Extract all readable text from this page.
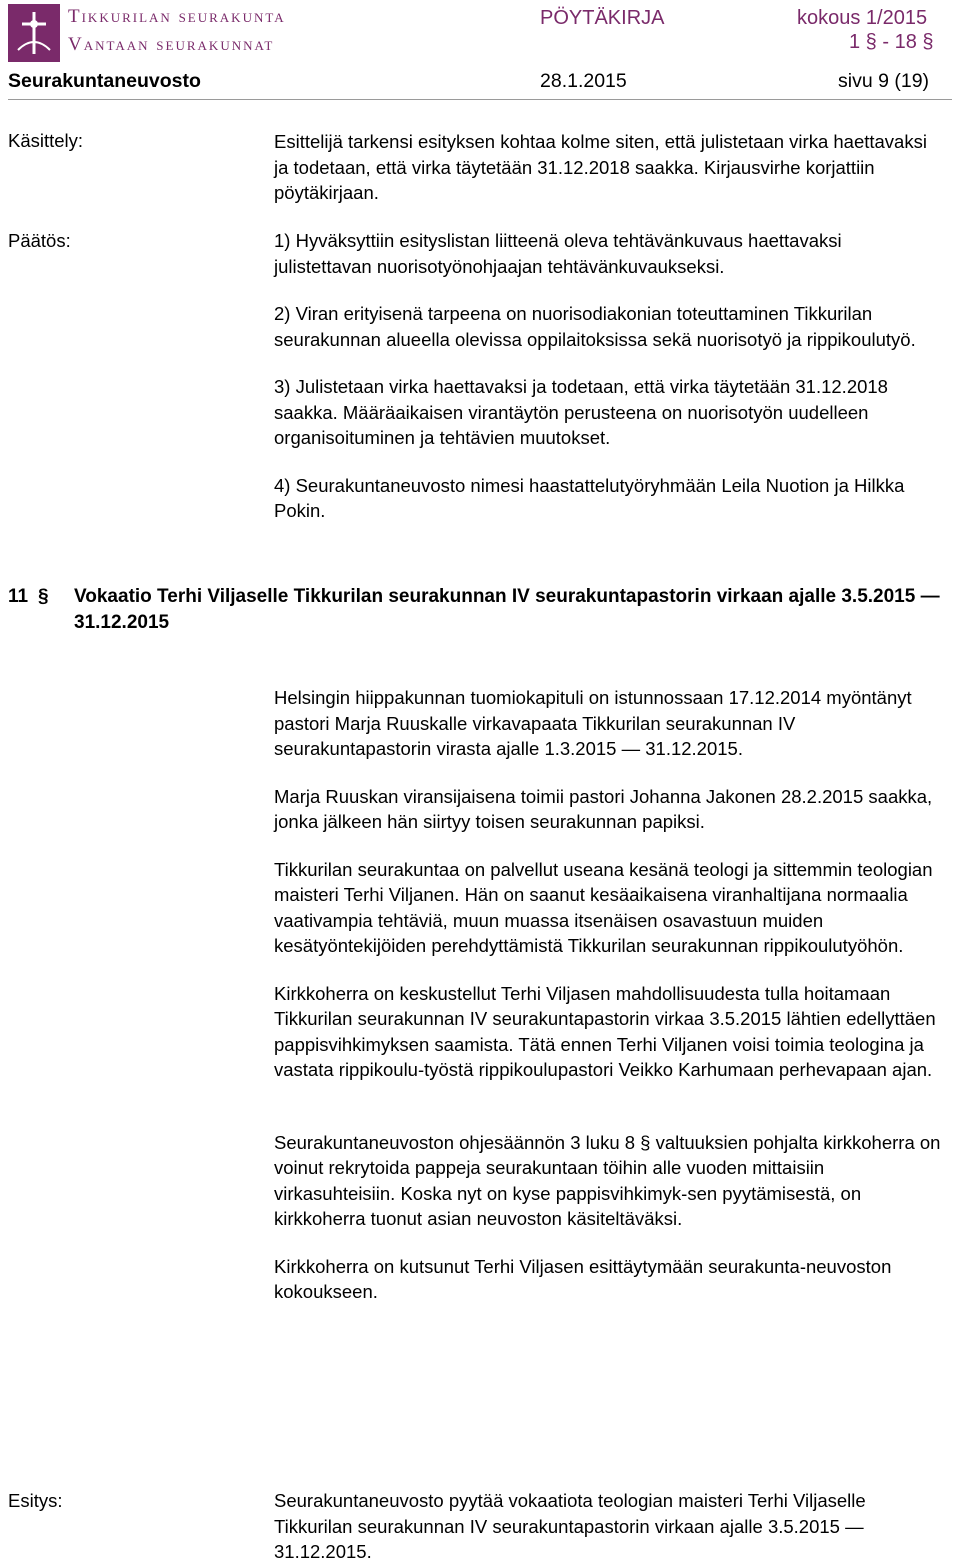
Tikkurilan seurakunta
Vantaan seurakunnat
PÖYTÄKIRJA	kokous 1/2015
1 § - 18 §
Seurakuntaneuvosto	28.1.2015	sivu 9 (19)
Käsittely:	Esittelijä tarkensi esityksen kohtaa kolme siten, että julistetaan virka haettavaksi ja todetaan, että virka täytetään 31.12.2018 saakka. Kirjausvirhe korjattiin pöytäkirjaan.

Päätös:	1) Hyväksyttiin esityslistan liitteenä oleva tehtävänkuvaus haettavaksi julistettavan nuorisotyönohjaajan tehtävänkuvaukseksi.

2) Viran erityisenä tarpeena on nuorisodiakonian toteuttaminen Tikkurilan seurakunnan alueella olevissa oppilaitoksissa sekä nuorisotyö ja rippikoulutyö.

3) Julistetaan virka haettavaksi ja todetaan, että virka täytetään 31.12.2018 saakka. Määräaikaisen virantäytön perusteena on nuorisotyön uudelleen organisoituminen ja tehtävien muutokset.

4) Seurakuntaneuvosto nimesi haastattelutyöryhmään Leila Nuotion ja Hilkka Pokin.

11 § Vokaatio Terhi Viljaselle Tikkurilan seurakunnan IV seurakuntapastorin virkaan ajalle 3.5.2015 — 31.12.2015

Helsingin hiippakunnan tuomiokapituli on istunnossaan 17.12.2014 myöntänyt pastori Marja Ruuskalle virkavapaata Tikkurilan seurakunnan IV seurakuntapastorin virasta ajalle 1.3.2015 — 31.12.2015.

Marja Ruuskan viransijaisena toimii pastori Johanna Jakonen 28.2.2015 saakka, jonka jälkeen hän siirtyy toisen seurakunnan papiksi.

Tikkurilan seurakuntaa on palvellut useana kesänä teologi ja sittemmin teologian maisteri Terhi Viljanen. Hän on saanut kesäaikaisena viranhaltijana normaalia vaativampia tehtäviä, muun muassa itsenäisen osavastuun muiden kesätyöntekijöiden perehdyttämistä Tikkurilan seurakunnan rippikoulutyöhön.

Kirkkoherra on keskustellut Terhi Viljasen mahdollisuudesta tulla hoitamaan Tikkurilan seurakunnan IV seurakuntapastorin virkaa 3.5.2015 lähtien edellyttäen pappisvihkimyksen saamista. Tätä ennen Terhi Viljanen voisi toimia teologina ja vastata rippikoulu-työstä rippikoulupastori Veikko Karhumaan perhevapaan ajan.

Seurakuntaneuvoston ohjesäännön 3 luku 8 § valtuuksien pohjalta kirkkoherra on voinut rekrytoida pappeja seurakuntaan töihin alle vuoden mittaisiin virkasuhteisiin. Koska nyt on kyse pappisvihkimyk-sen pyytämisestä, on kirkkoherra tuonut asian neuvoston käsiteltäväksi.

Kirkkoherra on kutsunut Terhi Viljasen esittäytymään seurakunta-neuvoston kokoukseen.

Esitys:	Seurakuntaneuvosto pyytää vokaatiota teologian maisteri Terhi Viljaselle Tikkurilan seurakunnan IV seurakuntapastorin virkaan ajalle 3.5.2015 — 31.12.2015.
